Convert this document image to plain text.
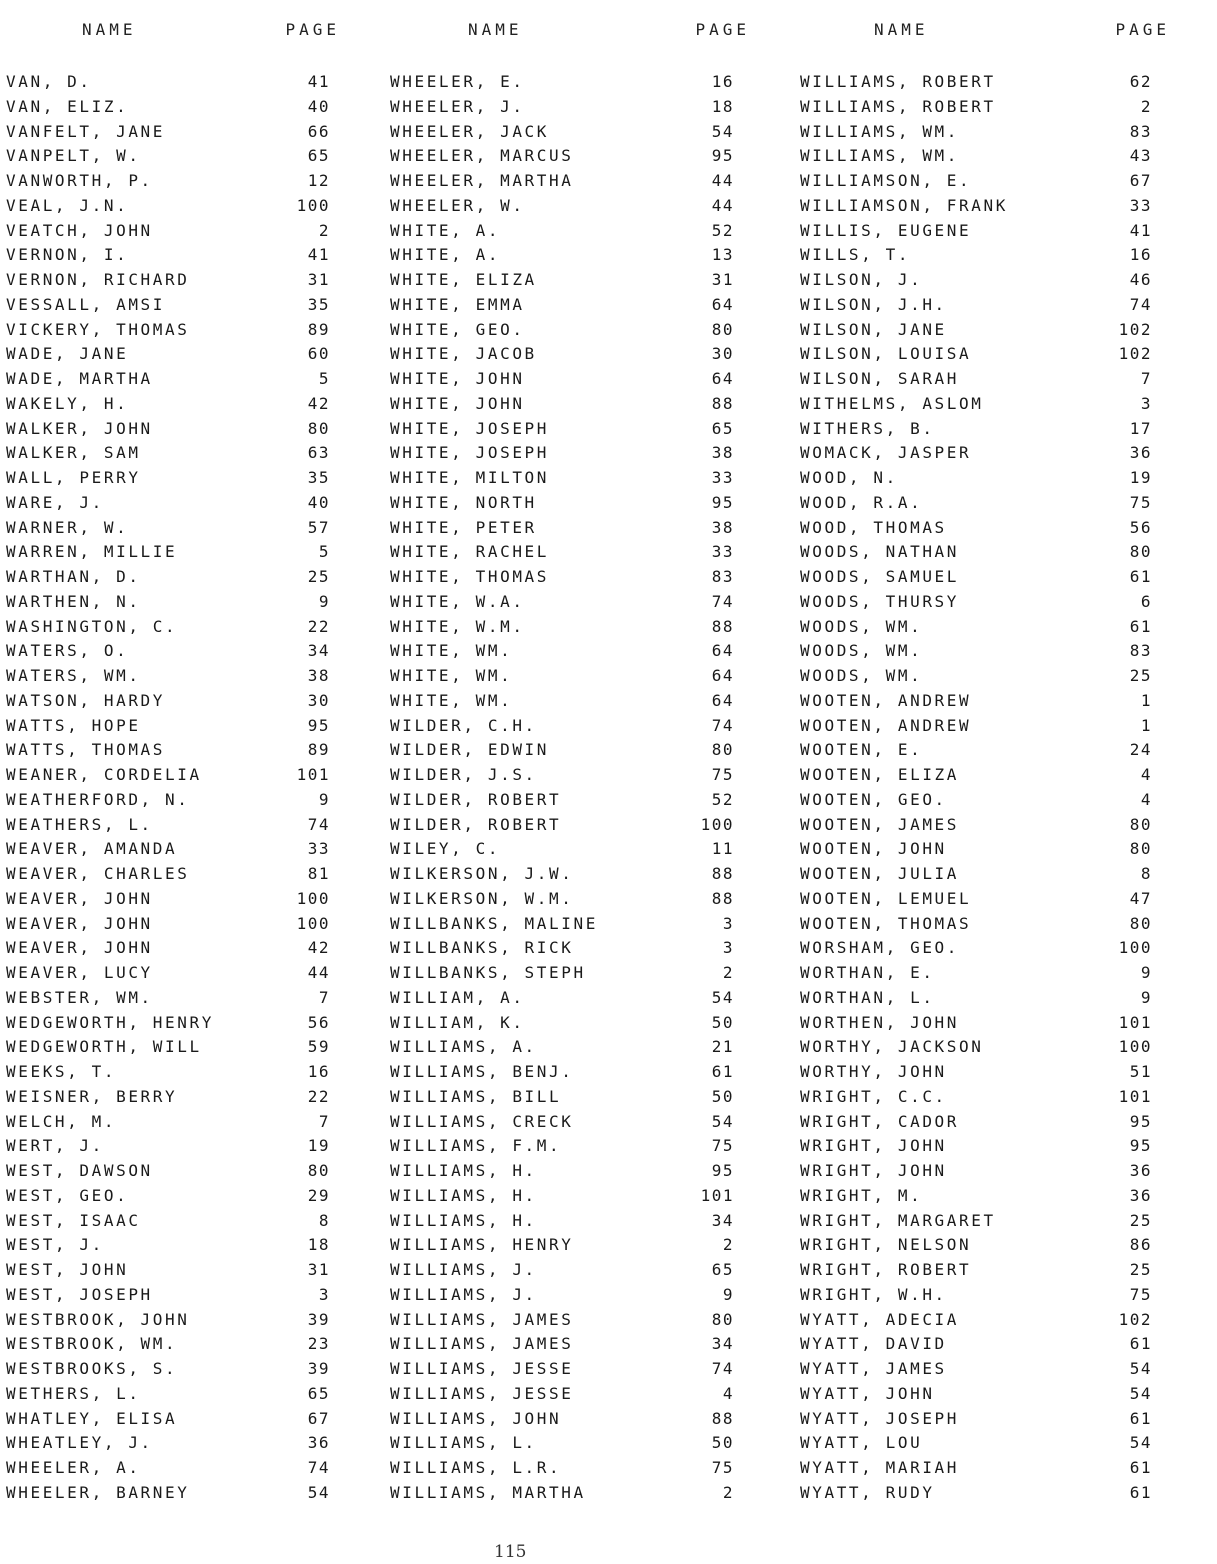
NAME	PAGE
VAN, D.	41
VAN, ELIZ.	40
VANFELT, JANE	66
VANPELT, W.	65
VANWORTH, P.	12
VEAL, J.N.	100
VEATCH, JOHN	2
VERNON, I.	41
VERNON, RICHARD	31
VESSALL, AMSI	35
VICKERY, THOMAS	89
WADE, JANE	60
WADE, MARTHA	5
WAKELY, H.	42
WALKER, JOHN	80
WALKER, SAM	63
WALL, PERRY	35
WARE, J.	40
WARNER, W.	57
WARREN, MILLIE	5
WARTHAN, D.	25
WARTHEN, N.	9
WASHINGTON, C.	22
WATERS, O.	34
WATERS, WM.	38
WATSON, HARDY	30
WATTS, HOPE	95
WATTS, THOMAS	89
WEANER, CORDELIA	101
WEATHERFORD, N.	9
WEATHERS, L.	74
WEAVER, AMANDA	33
WEAVER, CHARLES	81
WEAVER, JOHN	100
WEAVER, JOHN	100
WEAVER, JOHN	42
WEAVER, LUCY	44
WEBSTER, WM.	7
WEDGEWORTH, HENRY	56
WEDGEWORTH, WILL	59
WEEKS, T.	16
WEISNER, BERRY	22
WELCH, M.	7
WERT, J.	19
WEST, DAWSON	80
WEST, GEO.	29
WEST, ISAAC	8
WEST, J.	18
WEST, JOHN	31
WEST, JOSEPH	3
WESTBROOK, JOHN	39
WESTBROOK, WM.	23
WESTBROOKS, S.	39
WETHERS, L.	65
WHATLEY, ELISA	67
WHEATLEY, J.	36
WHEELER, A.	74
WHEELER, BARNEY	54
NAME	PAGE
WHEELER, E.	16
WHEELER, J.	18
WHEELER, JACK	54
WHEELER, MARCUS	95
WHEELER, MARTHA	44
WHEELER, W.	44
WHITE, A.	52
WHITE, A.	13
WHITE, ELIZA	31
WHITE, EMMA	64
WHITE, GEO.	80
WHITE, JACOB	30
WHITE, JOHN	64
WHITE, JOHN	88
WHITE, JOSEPH	65
WHITE, JOSEPH	38
WHITE, MILTON	33
WHITE, NORTH	95
WHITE, PETER	38
WHITE, RACHEL	33
WHITE, THOMAS	83
WHITE, W.A.	74
WHITE, W.M.	88
WHITE, WM.	64
WHITE, WM.	64
WHITE, WM.	64
WILDER, C.H.	74
WILDER, EDWIN	80
WILDER, J.S.	75
WILDER, ROBERT	52
WILDER, ROBERT	100
WILEY, C.	11
WILKERSON, J.W.	88
WILKERSON, W.M.	88
WILLBANKS, MALINE	3
WILLBANKS, RICK	3
WILLBANKS, STEPH	2
WILLIAM, A.	54
WILLIAM, K.	50
WILLIAMS, A.	21
WILLIAMS, BENJ.	61
WILLIAMS, BILL	50
WILLIAMS, CRECK	54
WILLIAMS, F.M.	75
WILLIAMS, H.	95
WILLIAMS, H.	101
WILLIAMS, H.	34
WILLIAMS, HENRY	2
WILLIAMS, J.	65
WILLIAMS, J.	9
WILLIAMS, JAMES	80
WILLIAMS, JAMES	34
WILLIAMS, JESSE	74
WILLIAMS, JESSE	4
WILLIAMS, JOHN	88
WILLIAMS, L.	50
WILLIAMS, L.R.	75
WILLIAMS, MARTHA	2
NAME	PAGE
WILLIAMS, ROBERT	62
WILLIAMS, ROBERT	2
WILLIAMS, WM.	83
WILLIAMS, WM.	43
WILLIAMSON, E.	67
WILLIAMSON, FRANK	33
WILLIS, EUGENE	41
WILLS, T.	16
WILSON, J.	46
WILSON, J.H.	74
WILSON, JANE	102
WILSON, LOUISA	102
WILSON, SARAH	7
WITHELMS, ASLOM	3
WITHERS, B.	17
WOMACK, JASPER	36
WOOD, N.	19
WOOD, R.A.	75
WOOD, THOMAS	56
WOODS, NATHAN	80
WOODS, SAMUEL	61
WOODS, THURSY	6
WOODS, WM.	61
WOODS, WM.	83
WOODS, WM.	25
WOOTEN, ANDREW	1
WOOTEN, ANDREW	1
WOOTEN, E.	24
WOOTEN, ELIZA	4
WOOTEN, GEO.	4
WOOTEN, JAMES	80
WOOTEN, JOHN	80
WOOTEN, JULIA	8
WOOTEN, LEMUEL	47
WOOTEN, THOMAS	80
WORSHAM, GEO.	100
WORTHAN, E.	9
WORTHAN, L.	9
WORTHEN, JOHN	101
WORTHY, JACKSON	100
WORTHY, JOHN	51
WRIGHT, C.C.	101
WRIGHT, CADOR	95
WRIGHT, JOHN	95
WRIGHT, JOHN	36
WRIGHT, M.	36
WRIGHT, MARGARET	25
WRIGHT, NELSON	86
WRIGHT, ROBERT	25
WRIGHT, W.H.	75
WYATT, ADECIA	102
WYATT, DAVID	61
WYATT, JAMES	54
WYATT, JOHN	54
WYATT, JOSEPH	61
WYATT, LOU	54
WYATT, MARIAH	61
WYATT, RUDY	61
115
